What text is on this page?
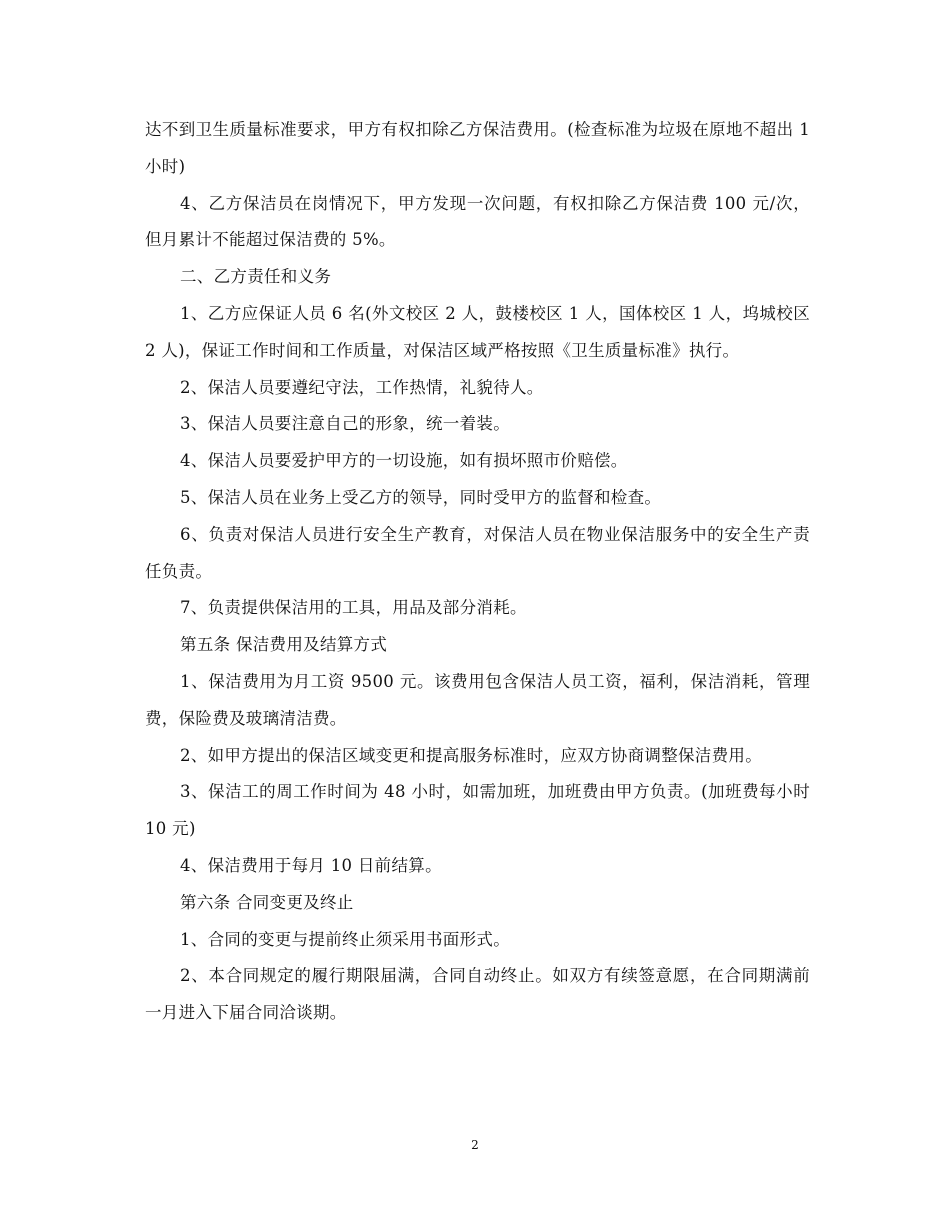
达不到卫生质量标准要求，甲方有权扣除乙方保洁费用。(检查标准为垃圾在原地不超出 1 小时)

4、乙方保洁员在岗情况下，甲方发现一次问题，有权扣除乙方保洁费 100 元/次，但月累计不能超过保洁费的 5%。

二、乙方责任和义务

1、乙方应保证人员 6 名(外文校区 2 人，鼓楼校区 1 人，国体校区 1 人，坞城校区 2 人)，保证工作时间和工作质量，对保洁区域严格按照《卫生质量标准》执行。

2、保洁人员要遵纪守法，工作热情，礼貌待人。

3、保洁人员要注意自己的形象，统一着装。

4、保洁人员要爱护甲方的一切设施，如有损坏照市价赔偿。

5、保洁人员在业务上受乙方的领导，同时受甲方的监督和检查。

6、负责对保洁人员进行安全生产教育，对保洁人员在物业保洁服务中的安全生产责任负责。

7、负责提供保洁用的工具，用品及部分消耗。

第五条 保洁费用及结算方式

1、保洁费用为月工资 9500 元。该费用包含保洁人员工资，福利，保洁消耗，管理费，保险费及玻璃清洁费。

2、如甲方提出的保洁区域变更和提高服务标准时，应双方协商调整保洁费用。

3、保洁工的周工作时间为 48 小时，如需加班，加班费由甲方负责。(加班费每小时 10 元)

4、保洁费用于每月 10 日前结算。

第六条 合同变更及终止

1、合同的变更与提前终止须采用书面形式。

2、本合同规定的履行期限届满，合同自动终止。如双方有续签意愿，在合同期满前一月进入下届合同洽谈期。

2
